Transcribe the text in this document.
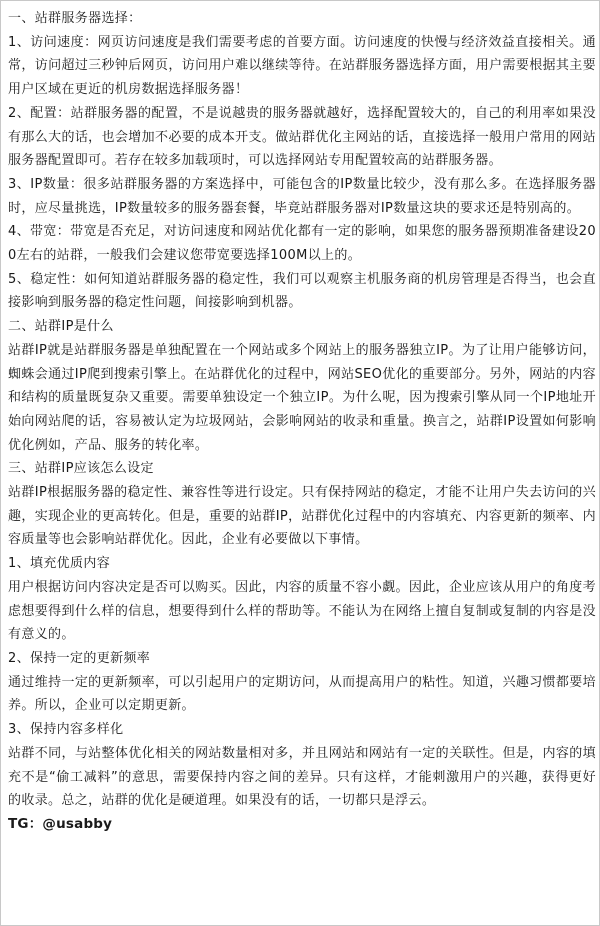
一、站群服务器选择：

1、访问速度：网页访问速度是我们需要考虑的首要方面。访问速度的快慢与经济效益直接相关。通常，访问超过三秒钟后网页，访问用户难以继续等待。在站群服务器选择方面，用户需要根据其主要用户区域在更近的机房数据选择服务器！

2、配置：站群服务器的配置，不是说越贵的服务器就越好，选择配置较大的，自己的利用率如果没有那么大的话，也会增加不必要的成本开支。做站群优化主网站的话，直接选择一般用户常用的网站服务器配置即可。若存在较多加载项时，可以选择网站专用配置较高的站群服务器。

3、IP数量：很多站群服务器的方案选择中，可能包含的IP数量比较少，没有那么多。在选择服务器时，应尽量挑选，IP数量较多的服务器套餐，毕竟站群服务器对IP数量这块的要求还是特别高的。

4、带宽：带宽是否充足，对访问速度和网站优化都有一定的影响，如果您的服务器预期准备建设200左右的站群，一般我们会建议您带宽要选择100M以上的。

5、稳定性：如何知道站群服务器的稳定性，我们可以观察主机服务商的机房管理是否得当，也会直接影响到服务器的稳定性问题，间接影响到机器。

二、站群IP是什么

站群IP就是站群服务器是单独配置在一个网站或多个网站上的服务器独立IP。为了让用户能够访问，蜘蛛会通过IP爬到搜索引擎上。在站群优化的过程中，网站SEO优化的重要部分。另外，网站的内容和结构的质量既复杂又重要。需要单独设定一个独立IP。为什么呢，因为搜索引擎从同一个IP地址开始向网站爬的话，容易被认定为垃圾网站，会影响网站的收录和重量。换言之，站群IP设置如何影响优化例如，产品、服务的转化率。

三、站群IP应该怎么设定

站群IP根据服务器的稳定性、兼容性等进行设定。只有保持网站的稳定，才能不让用户失去访问的兴趣，实现企业的更高转化。但是，重要的站群IP，站群优化过程中的内容填充、内容更新的频率、内容质量等也会影响站群优化。因此，企业有必要做以下事情。

1、填充优质内容

用户根据访问内容决定是否可以购买。因此，内容的质量不容小觑。因此，企业应该从用户的角度考虑想要得到什么样的信息，想要得到什么样的帮助等。不能认为在网络上擅自复制或复制的内容是没有意义的。

2、保持一定的更新频率

通过维持一定的更新频率，可以引起用户的定期访问，从而提高用户的粘性。知道，兴趣习惯都要培养。所以，企业可以定期更新。

3、保持内容多样化

站群不同，与站整体优化相关的网站数量相对多，并且网站和网站有一定的关联性。但是，内容的填充不是“偷工减料”的意思，需要保持内容之间的差异。只有这样，才能刺激用户的兴趣，获得更好的收录。总之，站群的优化是硬道理。如果没有的话，一切都只是浮云。

TG：@usabby
